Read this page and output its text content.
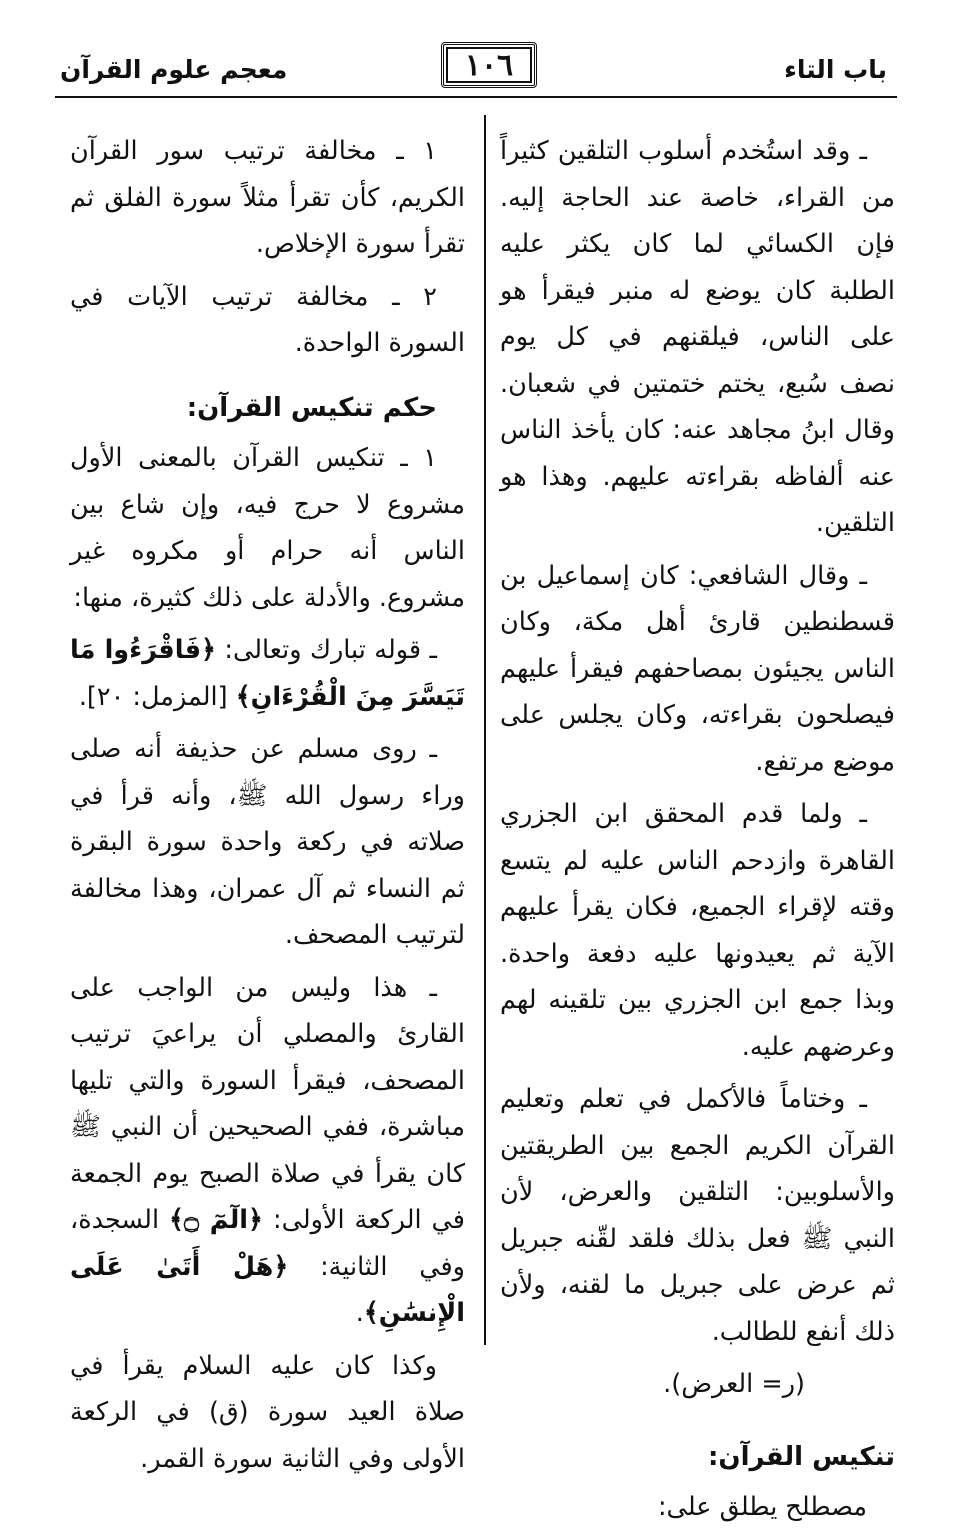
باب التاء
١٠٦
معجم علوم القرآن

ـ وقد استُخدم أسلوب التلقين كثيراً من القراء، خاصة عند الحاجة إليه. فإن الكسائي لما كان يكثر عليه الطلبة كان يوضع له منبر فيقرأ هو على الناس، فيلقنهم في كل يوم نصف سُبع، يختم ختمتين في شعبان. وقال ابنُ مجاهد عنه: كان يأخذ الناس عنه ألفاظه بقراءته عليهم. وهذا هو التلقين.

ـ وقال الشافعي: كان إسماعيل بن قسطنطين قارئ أهل مكة، وكان الناس يجيئون بمصاحفهم فيقرأ عليهم فيصلحون بقراءته، وكان يجلس على موضع مرتفع.

ـ ولما قدم المحقق ابن الجزري القاهرة وازدحم الناس عليه لم يتسع وقته لإقراء الجميع، فكان يقرأ عليهم الآية ثم يعيدونها عليه دفعة واحدة. وبذا جمع ابن الجزري بين تلقينه لهم وعرضهم عليه.

ـ وختاماً فالأكمل في تعلم وتعليم القرآن الكريم الجمع بين الطريقتين والأسلوبين: التلقين والعرض، لأن النبي ﷺ فعل بذلك فلقد لقّنه جبريل ثم عرض على جبريل ما لقنه، ولأن ذلك أنفع للطالب.

(ر= العرض).

تنكيس القرآن:

مصطلح يطلق على:

١ ـ مخالفة ترتيب سور القرآن الكريم، كأن تقرأ مثلاً سورة الفلق ثم تقرأ سورة الإخلاص.

٢ ـ مخالفة ترتيب الآيات في السورة الواحدة.

حكم تنكيس القرآن:

١ ـ تنكيس القرآن بالمعنى الأول مشروع لا حرج فيه، وإن شاع بين الناس أنه حرام أو مكروه غير مشروع. والأدلة على ذلك كثيرة، منها:

ـ قوله تبارك وتعالى: ﴿فَاقْرَءُوا مَا تَيَسَّرَ مِنَ الْقُرْءَانِ﴾ [المزمل: ٢٠].

ـ روى مسلم عن حذيفة أنه صلى وراء رسول الله ﷺ، وأنه قرأ في صلاته في ركعة واحدة سورة البقرة ثم النساء ثم آل عمران، وهذا مخالفة لترتيب المصحف.

ـ هذا وليس من الواجب على القارئ والمصلي أن يراعيَ ترتيب المصحف، فيقرأ السورة والتي تليها مباشرة، ففي الصحيحين أن النبي ﷺ كان يقرأ في صلاة الصبح يوم الجمعة في الركعة الأولى: ﴿الٓمٓ ۝﴾ السجدة، وفي الثانية: ﴿هَلْ أَتَىٰ عَلَى الْإِنسَٰنِ﴾.

وكذا كان عليه السلام يقرأ في صلاة العيد سورة (ق) في الركعة الأولى وفي الثانية سورة القمر.
